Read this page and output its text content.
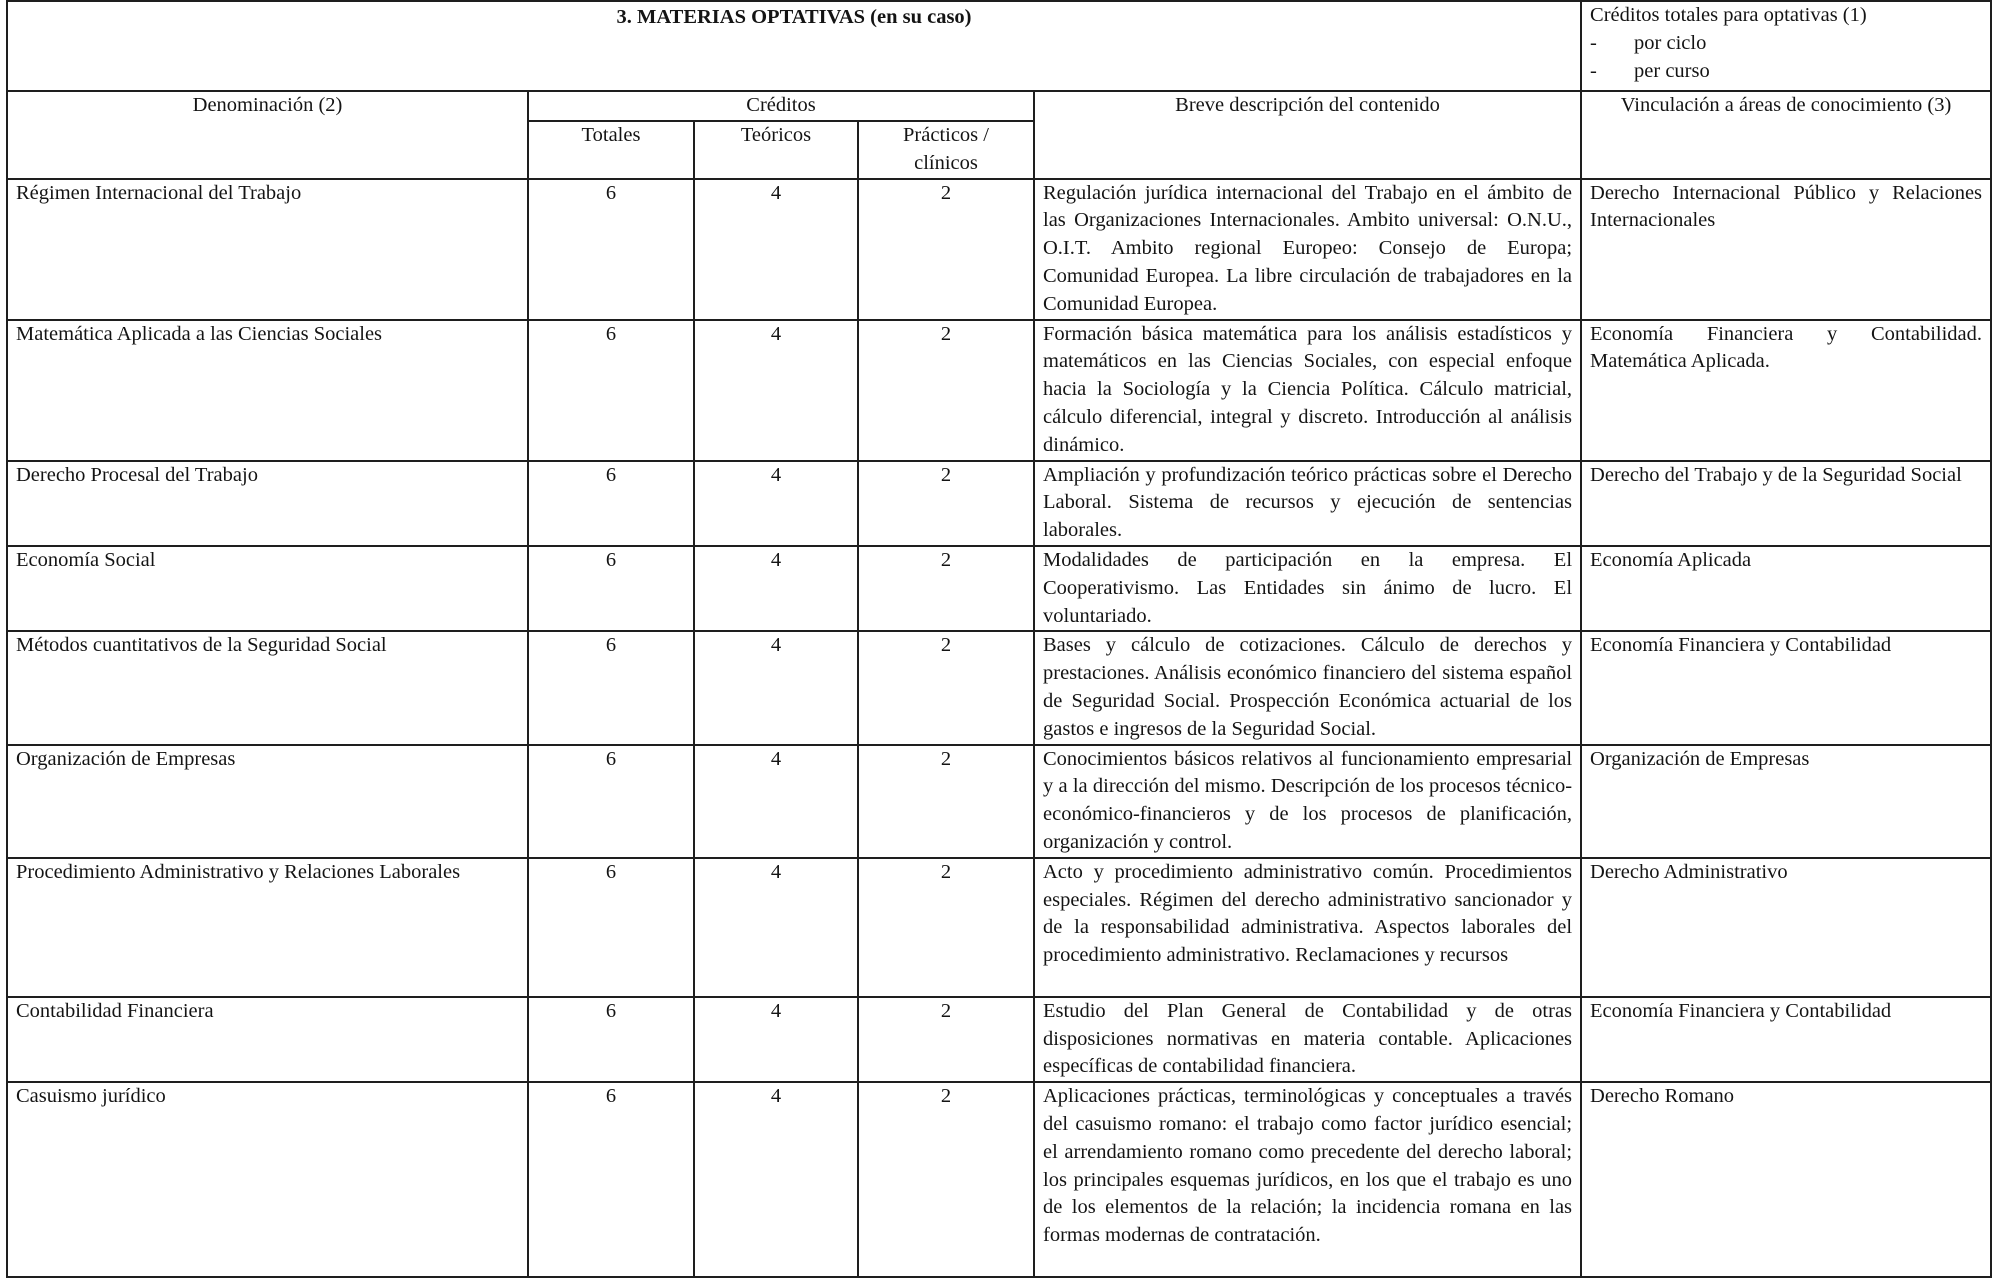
3. MATERIAS OPTATIVAS (en su caso)					Créditos totales para optativas (1)
- por ciclo
- per curso

Denominación (2)	Créditos			Breve descripción del contenido	Vinculación a áreas de conocimiento (3)
	Totales	Teóricos	Prácticos /
clínicos		

Régimen Internacional del Trabajo	6	4	2	Regulación jurídica internacional del Trabajo en el ámbito de las Organizaciones Internacionales. Ambito universal: O.N.U., O.I.T. Ambito regional Europeo: Consejo de Europa; Comunidad Europea. La libre circulación de trabajadores en la Comunidad Europea.	Derecho Internacional Público y Relaciones Internacionales
Matemática Aplicada a las Ciencias Sociales	6	4	2	Formación básica matemática para los análisis estadísticos y matemáticos en las Ciencias Sociales, con especial enfoque hacia la Sociología y la Ciencia Política. Cálculo matricial, cálculo diferencial, integral y discreto. Introducción al análisis dinámico.	Economía Financiera y Contabilidad. Matemática Aplicada.
Derecho Procesal del Trabajo	6	4	2	Ampliación y profundización teórico prácticas sobre el Derecho Laboral. Sistema de recursos y ejecución de sentencias laborales.	Derecho del Trabajo y de la Seguridad Social
Economía Social	6	4	2	Modalidades de participación en la empresa. El Cooperativismo. Las Entidades sin ánimo de lucro. El voluntariado.	Economía Aplicada
Métodos cuantitativos de la Seguridad Social	6	4	2	Bases y cálculo de cotizaciones. Cálculo de derechos y prestaciones. Análisis económico financiero del sistema español de Seguridad Social. Prospección Económica actuarial de los gastos e ingresos de la Seguridad Social.	Economía Financiera y Contabilidad
Organización de Empresas	6	4	2	Conocimientos básicos relativos al funcionamiento empresarial y a la dirección del mismo. Descripción de los procesos técnico-económico-financieros y de los procesos de planificación, organización y control.	Organización de Empresas
Procedimiento Administrativo y Relaciones Laborales	6	4	2	Acto y procedimiento administrativo común. Procedimientos especiales. Régimen del derecho administrativo sancionador y de la responsabilidad administrativa. Aspectos laborales del procedimiento administrativo. Reclamaciones y recursos	Derecho Administrativo
Contabilidad Financiera	6	4	2	Estudio del Plan General de Contabilidad y de otras disposiciones normativas en materia contable. Aplicaciones específicas de contabilidad financiera.	Economía Financiera y Contabilidad
Casuismo jurídico	6	4	2	Aplicaciones prácticas, terminológicas y conceptuales a través del casuismo romano: el trabajo como factor jurídico esencial; el arrendamiento romano como precedente del derecho laboral; los principales esquemas jurídicos, en los que el trabajo es uno de los elementos de la relación; la incidencia romana en las formas modernas de contratación.	Derecho Romano
